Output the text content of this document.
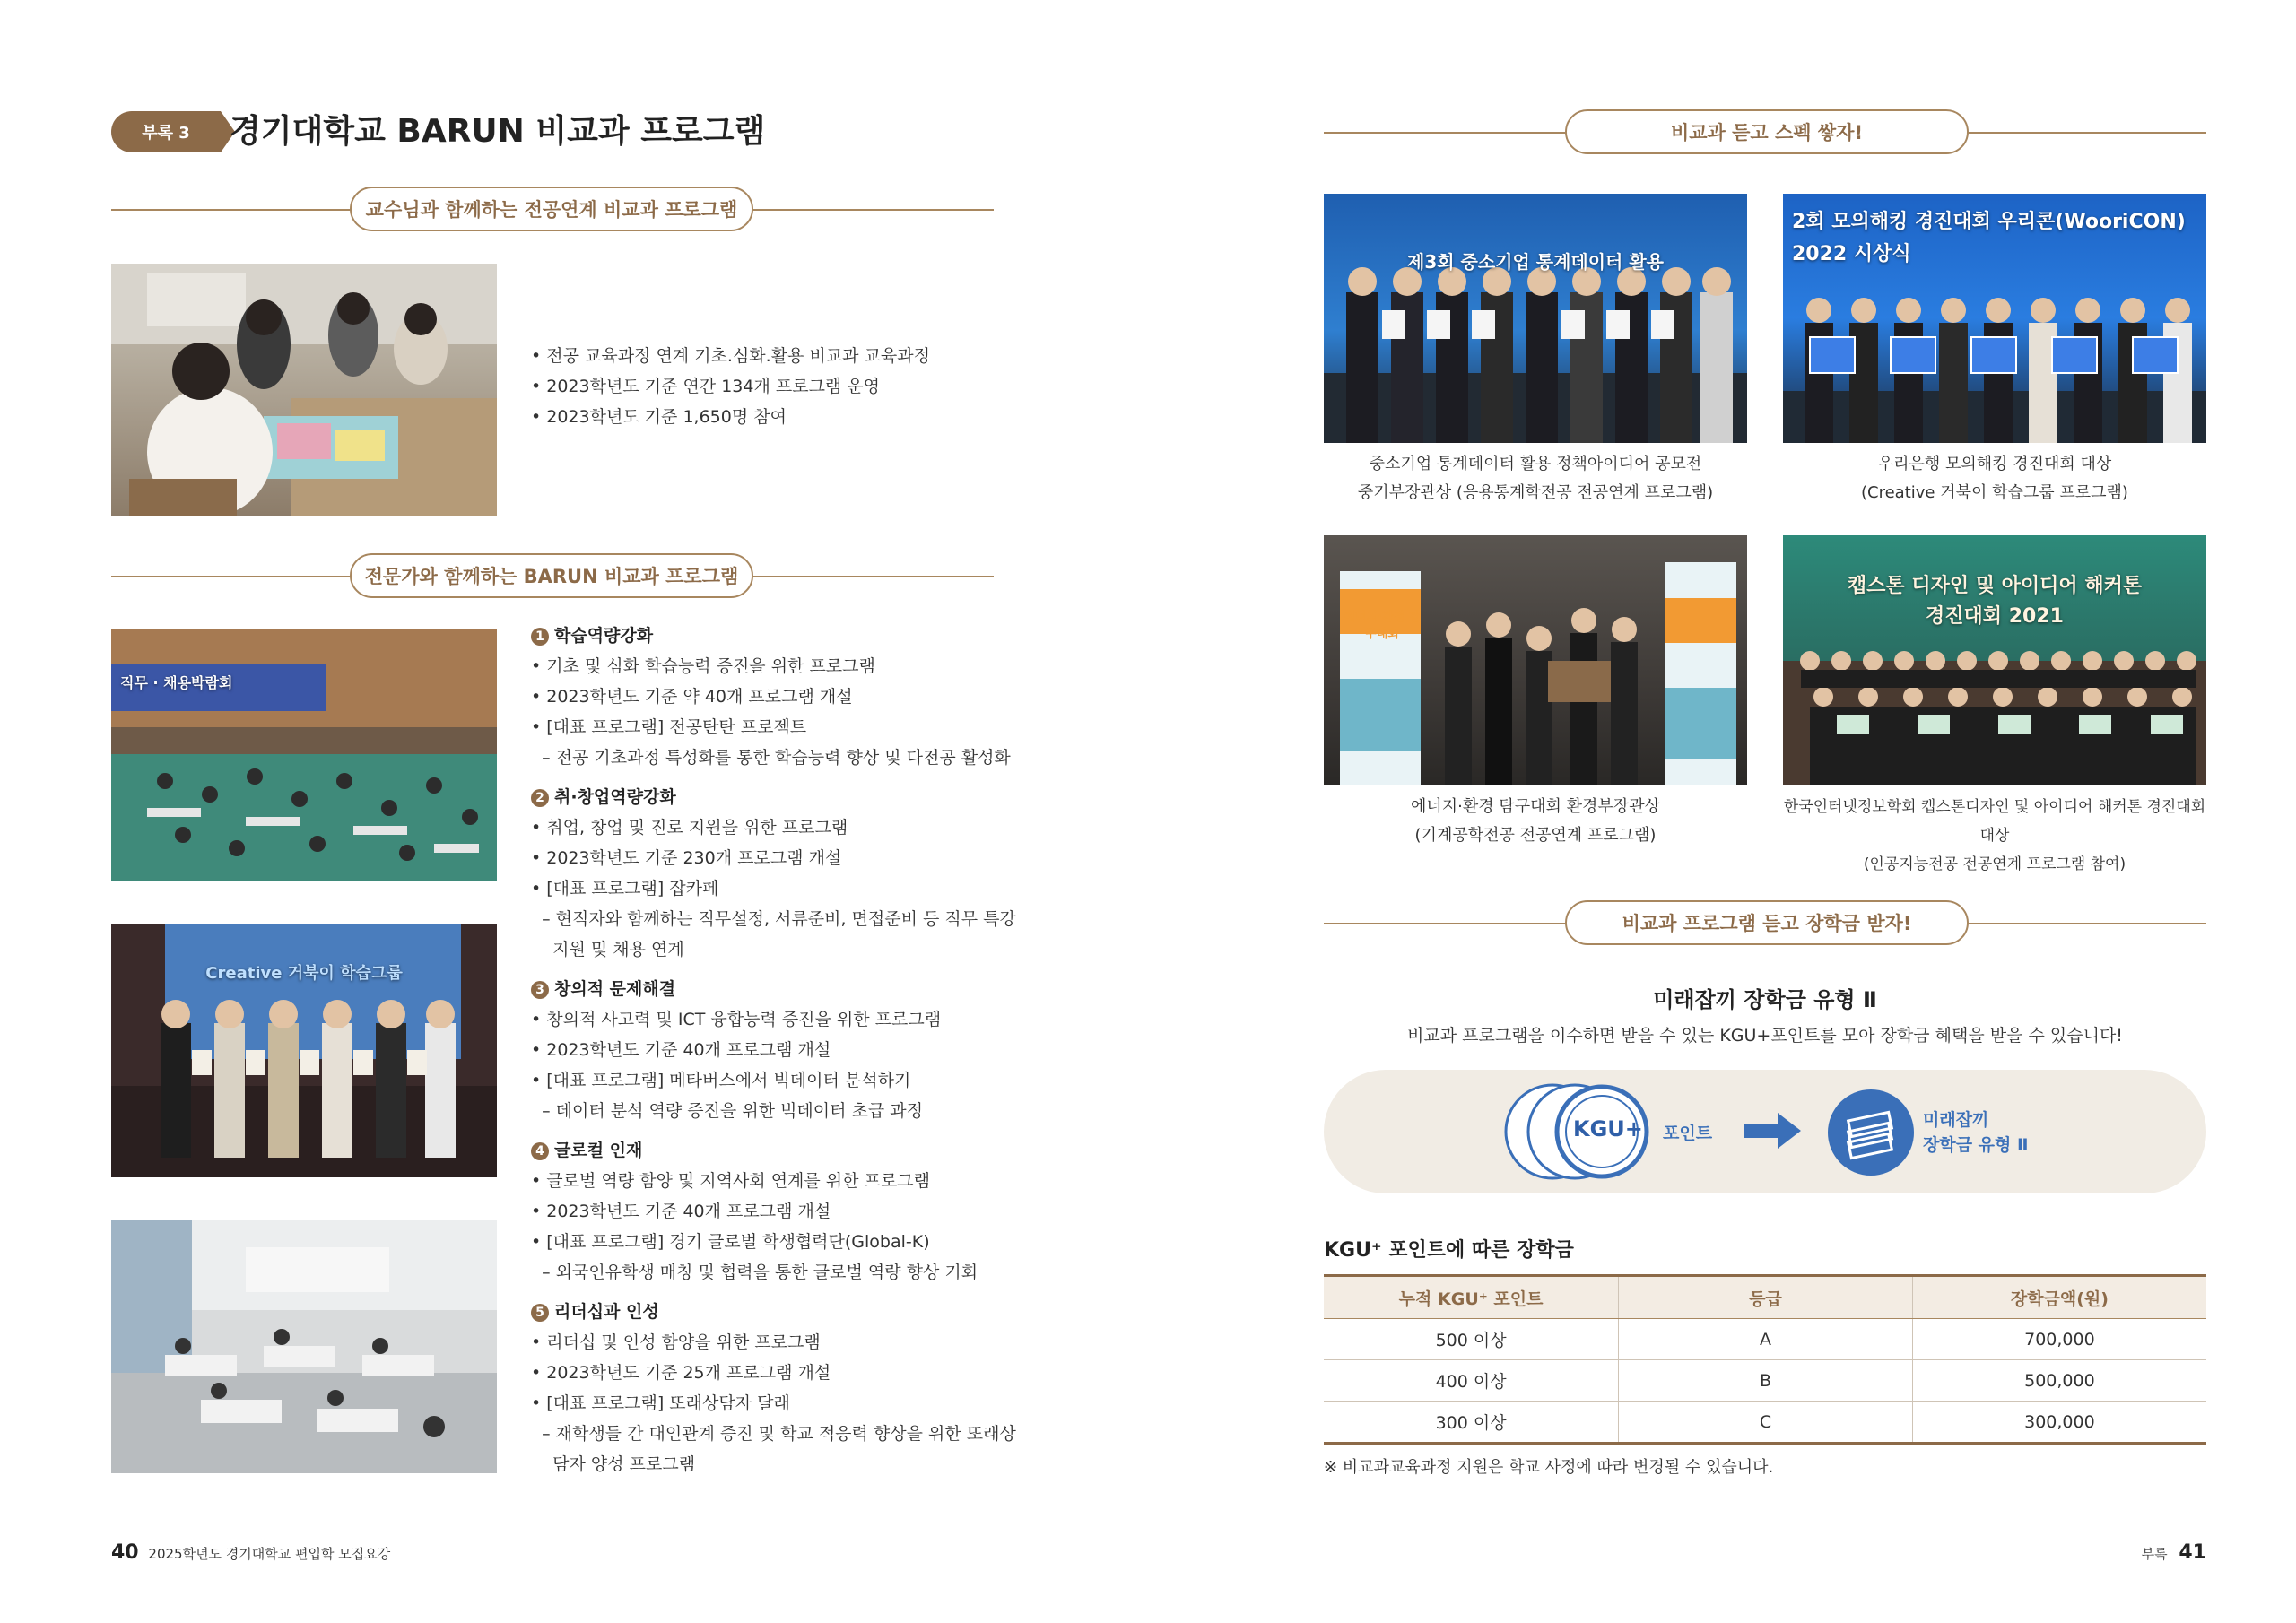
부록 3	경기대학교 BARUN 비교과 프로그램
교수님과 함께하는 전공연계 비교과 프로그램
• 전공 교육과정 연계 기초.심화.활용 비교과 교육과정
• 2023학년도 기준 연간 134개 프로그램 운영
• 2023학년도 기준 1,650명 참여
전문가와 함께하는 BARUN 비교과 프로그램
직무 · 채용박람회
Creative 거북이 학습그룹
1 학습역량강화
• 기초 및 심화 학습능력 증진을 위한 프로그램
• 2023학년도 기준 약 40개 프로그램 개설
• [대표 프로그램] 전공탄탄 프로젝트
– 전공 기초과정 특성화를 통한 학습능력 향상 및 다전공 활성화
2 취·창업역량강화
• 취업, 창업 및 진로 지원을 위한 프로그램
• 2023학년도 기준 230개 프로그램 개설
• [대표 프로그램] 잡카페
– 현직자와 함께하는 직무설정, 서류준비, 면접준비 등 직무 특강
지원 및 채용 연계
3 창의적 문제해결
• 창의적 사고력 및 ICT 융합능력 증진을 위한 프로그램
• 2023학년도 기준 40개 프로그램 개설
• [대표 프로그램] 메타버스에서 빅데이터 분석하기
– 데이터 분석 역량 증진을 위한 빅데이터 초급 과정
4 글로컬 인재
• 글로벌 역량 함양 및 지역사회 연계를 위한 프로그램
• 2023학년도 기준 40개 프로그램 개설
• [대표 프로그램] 경기 글로벌 학생협력단(Global-K)
– 외국인유학생 매칭 및 협력을 통한 글로벌 역량 향상 기회
5 리더십과 인성
• 리더십 및 인성 함양을 위한 프로그램
• 2023학년도 기준 25개 프로그램 개설
• [대표 프로그램] 또래상담자 달래
– 재학생들 간 대인관계 증진 및 학교 적응력 향상을 위한 또래상
담자 양성 프로그램
비교과 듣고 스펙 쌓자!
제3회 중소기업 통계데이터 활용
중소기업 통계데이터 활용 정책아이디어 공모전
중기부장관상 (응용통계학전공 전공연계 프로그램)
2회 모의해킹 경진대회 우리콘(WooriCON) 2022 시상식
우리은행 모의해킹 경진대회 대상
(Creative 거북이 학습그룹 프로그램)
에너지·환경 탐구대회
에너지·환경 탐구대회 환경부장관상
(기계공학전공 전공연계 프로그램)
캡스톤 디자인 및 아이디어 해커톤 경진대회 2021
한국인터넷정보학회 캡스톤디자인 및 아이디어 해커톤 경진대회 대상
(인공지능전공 전공연계 프로그램 참여)
비교과 프로그램 듣고 장학금 받자!
미래잡끼 장학금 유형 Ⅱ
비교과 프로그램을 이수하면 받을 수 있는 KGU+포인트를 모아 장학금 혜택을 받을 수 있습니다!
KGU+ 포인트
미래잡끼
장학금 유형 Ⅱ
KGU⁺ 포인트에 따른 장학금
누적 KGU⁺ 포인트	등급	장학금액(원)
500 이상	A	700,000
400 이상	B	500,000
300 이상	C	300,000
※ 비교과교육과정 지원은 학교 사정에 따라 변경될 수 있습니다.
40 2025학년도 경기대학교 편입학 모집요강	부록 41
